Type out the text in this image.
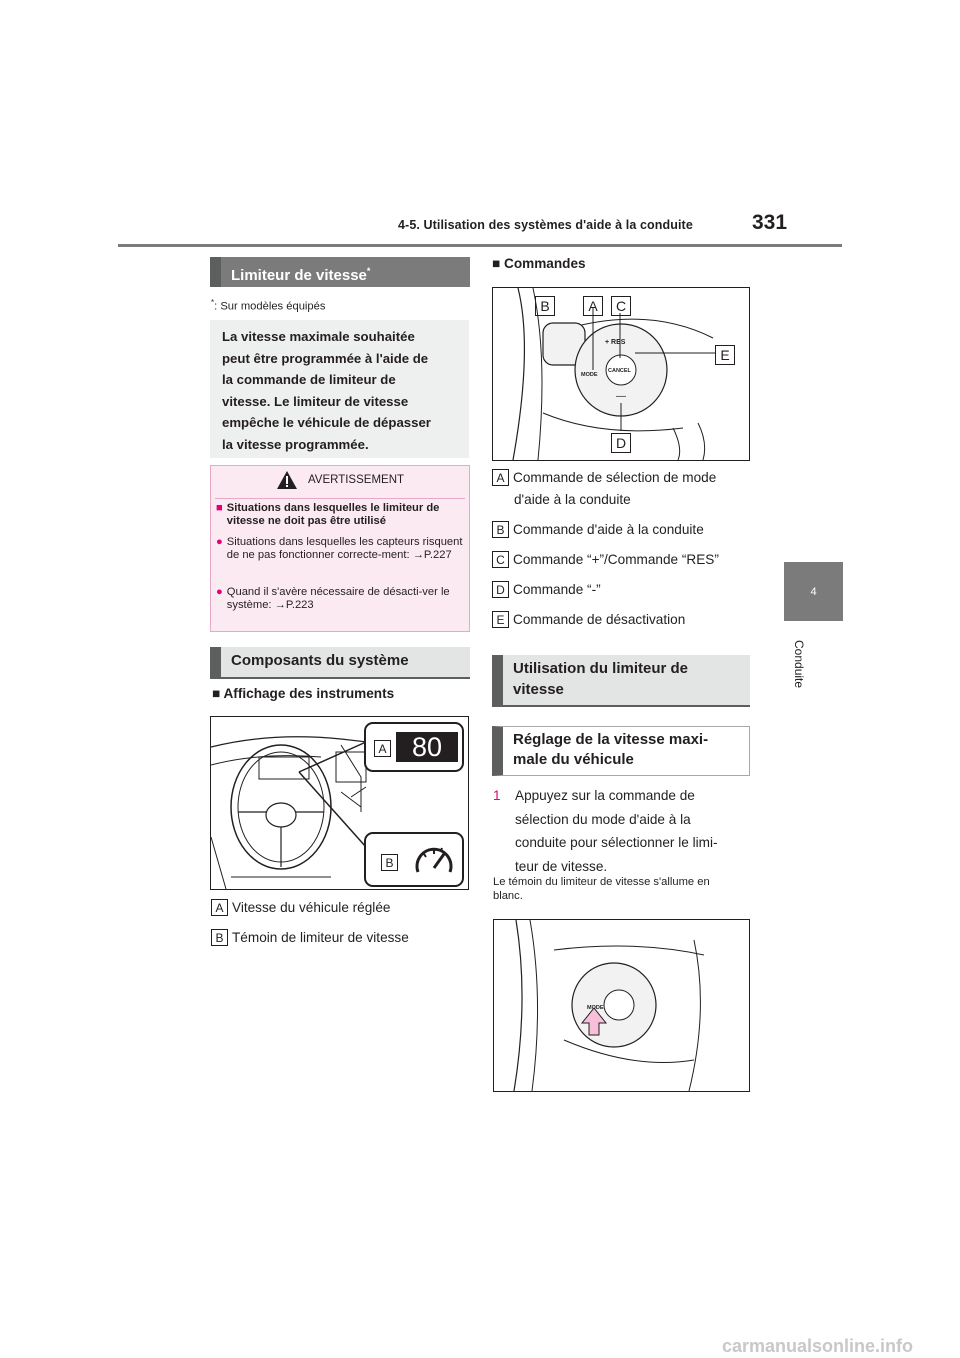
4-5. Utilisation des systèmes d'aide à la conduite	331
4
Conduite
Limiteur de vitesse*
*: Sur modèles équipés

La vitesse maximale souhaitée

peut être programmée à l'aide de

la commande de limiteur de

vitesse. Le limiteur de vitesse

empêche le véhicule de dépasser

la vitesse programmée.

AVERTISSEMENT
■ Situations dans lesquelles le limiteur de vitesse ne doit pas être utilisé
● Situations dans lesquelles les capteurs risquent de ne pas fonctionner correcte-ment: →P.227
● Quand il s'avère nécessaire de désacti-ver le système: →P.223
Composants du système
■ Affichage des instruments
A 80
B
A Vitesse du véhicule réglée
B Témoin de limiteur de vitesse
■ Commandes
B	A	C
E
D
+ RES
MODE
CANCEL
—
A Commande de sélection de mode
d'aide à la conduite
B Commande d'aide à la conduite
C Commande “+”/Commande “RES”
D Commande “-”
E Commande de désactivation

Utilisation du limiteur de

vitesse

Réglage de la vitesse maxi-

male du véhicule

1 Appuyez sur la commande de

sélection du mode d'aide à la

conduite pour sélectionner le limi-

teur de vitesse.

Le témoin du limiteur de vitesse s'allume en

blanc.

MODE
carmanualsonline.info
